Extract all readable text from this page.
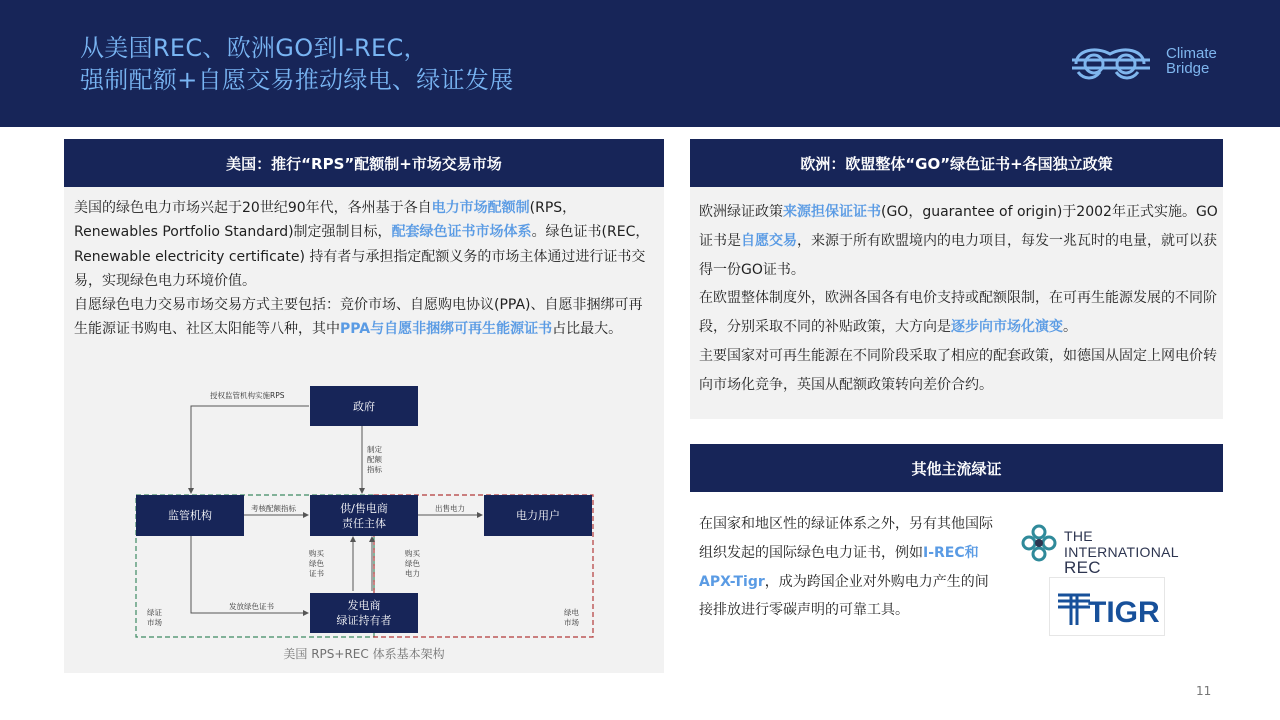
从美国REC、欧洲GO到I-REC，
强制配额+自愿交易推动绿电、绿证发展
Climate
Bridge
美国：推行“RPS”配额制+市场交易市场

美国的绿色电力市场兴起于20世纪90年代，各州基于各自电力市场配额制(RPS，Renewables Portfolio Standard)制定强制目标，配套绿色证书市场体系。绿色证书(REC，Renewable electricity certificate) 持有者与承担指定配额义务的市场主体通过进行证书交易，实现绿色电力环境价值。

自愿绿色电力交易市场交易方式主要包括：竞价市场、自愿购电协议(PPA)、自愿非捆绑可再生能源证书购电、社区太阳能等八种，其中PPA与自愿非捆绑可再生能源证书占比最大。

政府
监管机构
供/售电商
责任主体
电力用户
发电商
绿证持有者
授权监管机构实施RPS
制定
配额
指标
考核配额指标	出售电力
购买
绿色
证书
购买
绿色
电力
发放绿色证书
绿证
市场
绿电
市场
美国 RPS+REC 体系基本架构
欧洲：欧盟整体“GO”绿色证书+各国独立政策

欧洲绿证政策来源担保证证书(GO，guarantee of origin)于2002年正式实施。GO证书是自愿交易，来源于所有欧盟境内的电力项目，每发一兆瓦时的电量，就可以获得一份GO证书。

在欧盟整体制度外，欧洲各国各有电价支持或配额限制，在可再生能源发展的不同阶段，分别采取不同的补贴政策，大方向是逐步向市场化演变。

主要国家对可再生能源在不同阶段采取了相应的配套政策，如德国从固定上网电价转向市场化竞争，英国从配额政策转向差价合约。

其他主流绿证

在国家和地区性的绿证体系之外，另有其他国际组织发起的国际绿色电力证书，例如I-REC和APX-Tigr，成为跨国企业对外购电力产生的间接排放进行零碳声明的可靠工具。

THE INTERNATIONAL
REC
TIGR
11
